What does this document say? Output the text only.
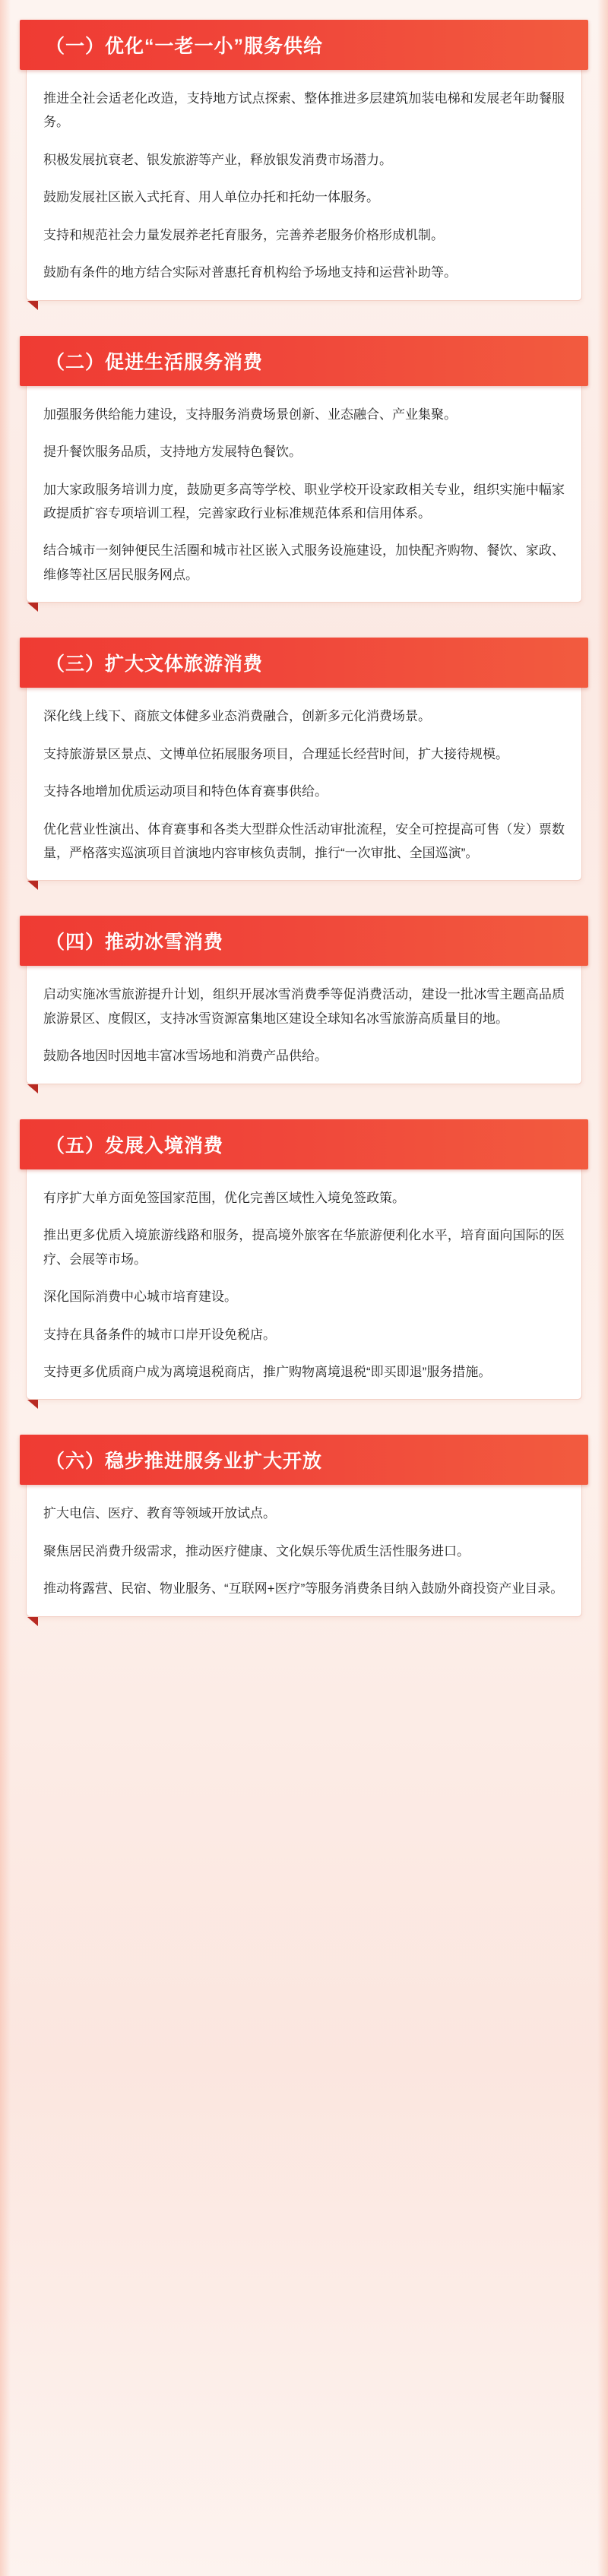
（一）优化“一老一小”服务供给

推进全社会适老化改造，支持地方试点探索、整体推进多层建筑加装电梯和发展老年助餐服务。

积极发展抗衰老、银发旅游等产业，释放银发消费市场潜力。

鼓励发展社区嵌入式托育、用人单位办托和托幼一体服务。

支持和规范社会力量发展养老托育服务，完善养老服务价格形成机制。

鼓励有条件的地方结合实际对普惠托育机构给予场地支持和运营补助等。

（二）促进生活服务消费

加强服务供给能力建设，支持服务消费场景创新、业态融合、产业集聚。

提升餐饮服务品质，支持地方发展特色餐饮。

加大家政服务培训力度，鼓励更多高等学校、职业学校开设家政相关专业，组织实施中幅家政提质扩容专项培训工程，完善家政行业标准规范体系和信用体系。

结合城市一刻钟便民生活圈和城市社区嵌入式服务设施建设，加快配齐购物、餐饮、家政、维修等社区居民服务网点。

（三）扩大文体旅游消费

深化线上线下、商旅文体健多业态消费融合，创新多元化消费场景。

支持旅游景区景点、文博单位拓展服务项目，合理延长经营时间，扩大接待规模。

支持各地增加优质运动项目和特色体育赛事供给。

优化营业性演出、体育赛事和各类大型群众性活动审批流程，安全可控提高可售（发）票数量，严格落实巡演项目首演地内容审核负责制，推行“一次审批、全国巡演”。

（四）推动冰雪消费

启动实施冰雪旅游提升计划，组织开展冰雪消费季等促消费活动，建设一批冰雪主题高品质旅游景区、度假区，支持冰雪资源富集地区建设全球知名冰雪旅游高质量目的地。

鼓励各地因时因地丰富冰雪场地和消费产品供给。

（五）发展入境消费

有序扩大单方面免签国家范围，优化完善区域性入境免签政策。

推出更多优质入境旅游线路和服务，提高境外旅客在华旅游便利化水平，培育面向国际的医疗、会展等市场。

深化国际消费中心城市培育建设。

支持在具备条件的城市口岸开设免税店。

支持更多优质商户成为离境退税商店，推广购物离境退税“即买即退”服务措施。

（六）稳步推进服务业扩大开放

扩大电信、医疗、教育等领域开放试点。

聚焦居民消费升级需求，推动医疗健康、文化娱乐等优质生活性服务进口。

推动将露营、民宿、物业服务、“互联网+医疗”等服务消费条目纳入鼓励外商投资产业目录。
